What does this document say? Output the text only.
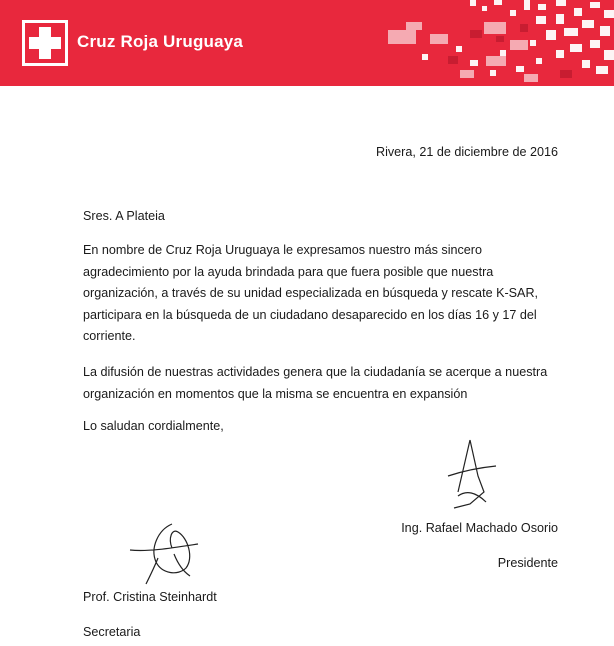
Cruz Roja Uruguaya
Rivera, 21 de diciembre de 2016
Sres. A Plateia

En nombre de Cruz Roja Uruguaya le expresamos nuestro más sincero agradecimiento por la ayuda brindada para que fuera posible que nuestra organización, a través de su unidad especializada en búsqueda y rescate K-SAR, participara en la búsqueda de un ciudadano desaparecido en los días 16 y 17 del corriente.

La difusión de nuestras actividades genera que la ciudadanía se acerque a nuestra organización en momentos que la misma se encuentra en expansión

Lo saludan cordialmente,
Ing. Rafael Machado Osorio
Presidente
Prof. Cristina Steinhardt
Secretaria
